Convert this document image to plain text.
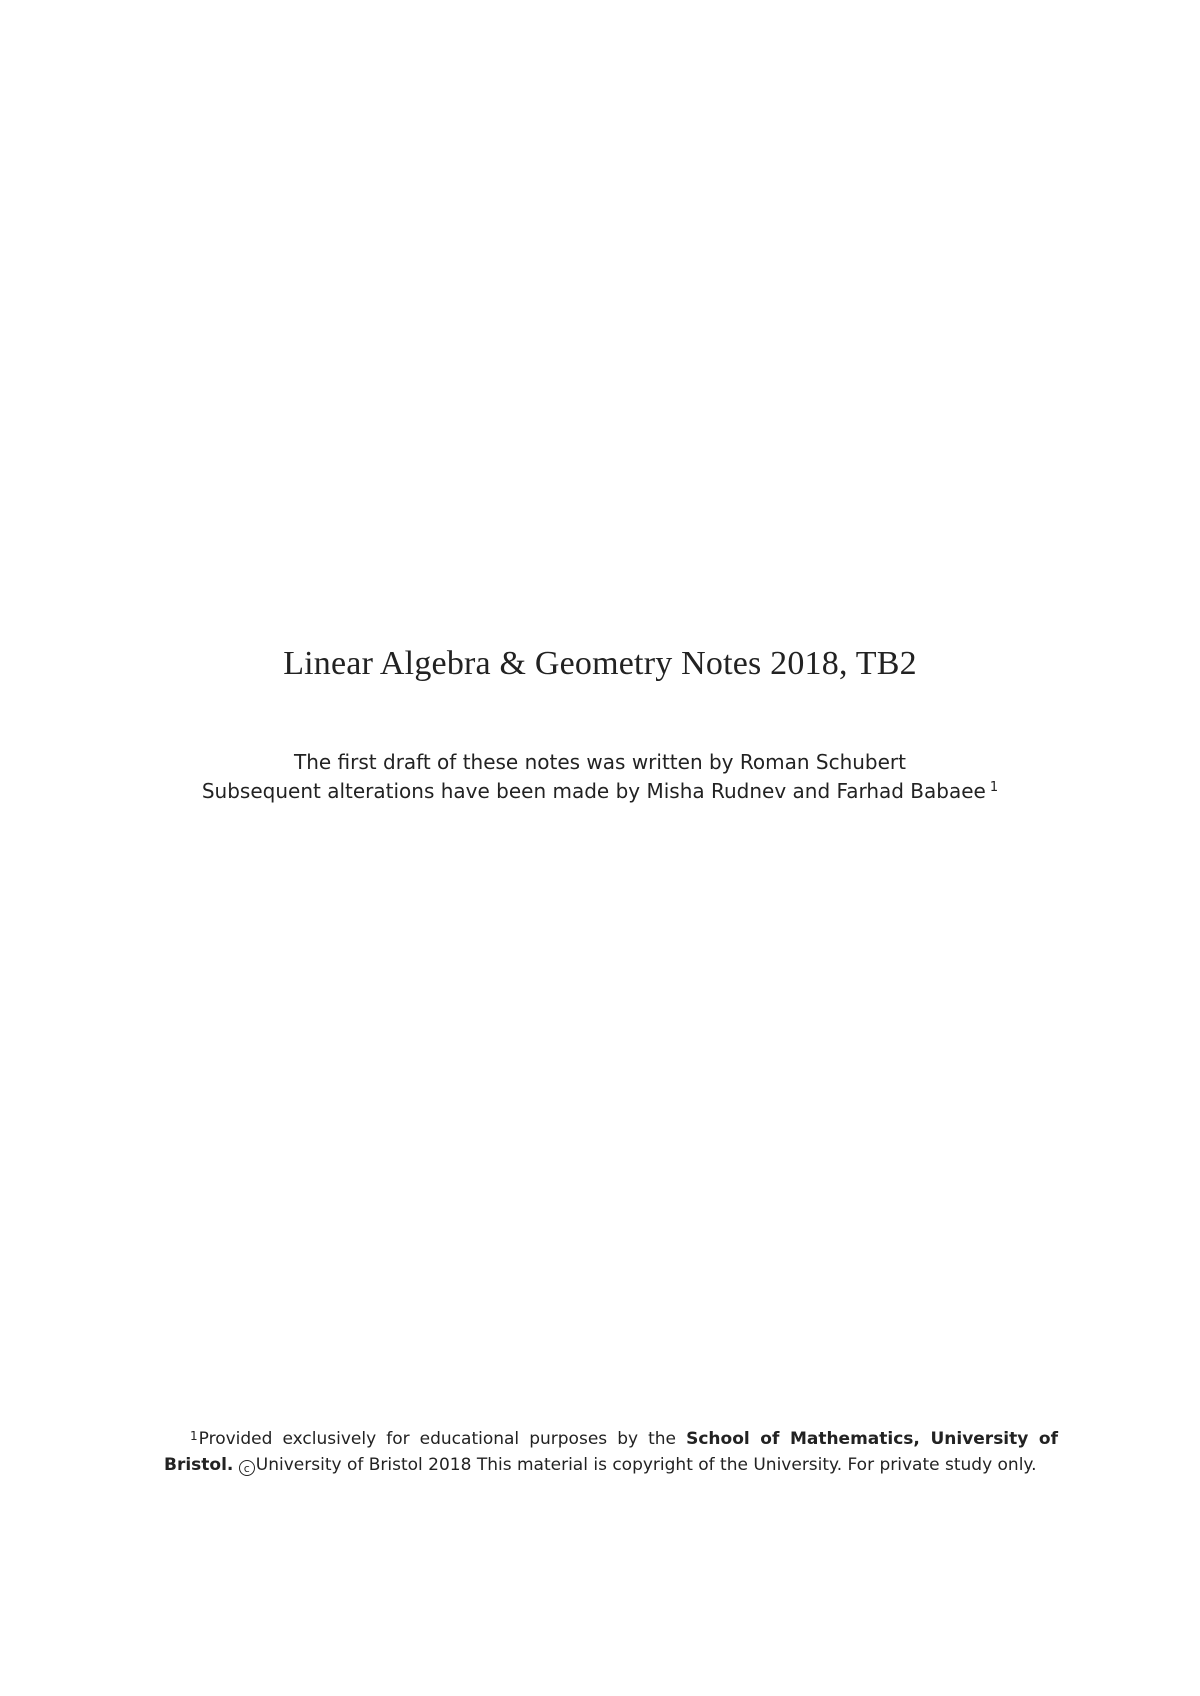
Linear Algebra & Geometry Notes 2018, TB2
The first draft of these notes was written by Roman Schubert
Subsequent alterations have been made by Misha Rudnev and Farhad Babaee $^1$
$^1$Provided exclusively for educational purposes by the School of Mathematics, University of Bristol. c University of Bristol 2018 This material is copyright of the University. For private study only.
